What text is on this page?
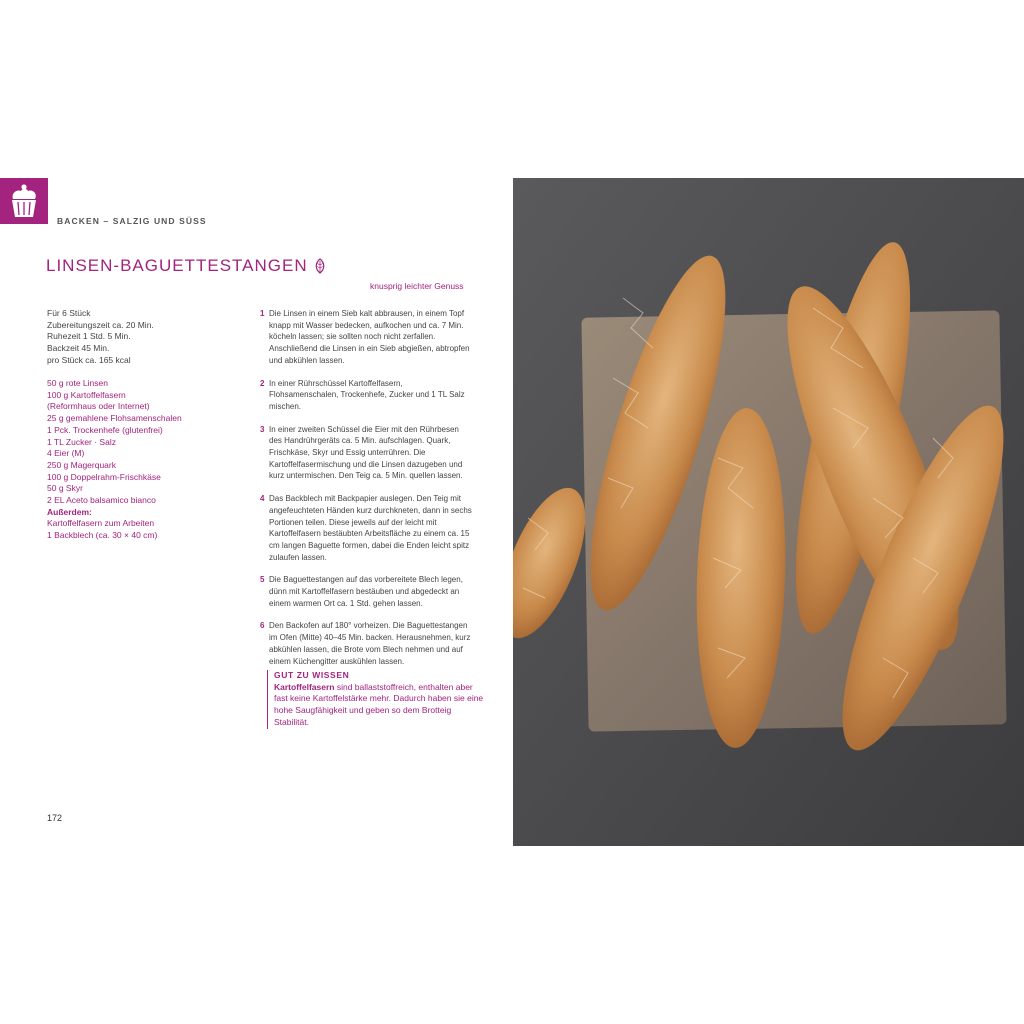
BACKEN – SALZIG UND SÜSS
LINSEN-BAGUETTESTANGEN
knusprig leichter Genuss
Für 6 Stück
Zubereitungszeit ca. 20 Min.
Ruhezeit 1 Std. 5 Min.
Backzeit 45 Min.
pro Stück ca. 165 kcal
50 g rote Linsen
100 g Kartoffelfasern
(Reformhaus oder Internet)
25 g gemahlene Flohsamenschalen
1 Pck. Trockenhefe (glutenfrei)
1 TL Zucker · Salz
4 Eier (M)
250 g Magerquark
100 g Doppelrahm-Frischkäse
50 g Skyr
2 EL Aceto balsamico bianco
Außerdem:
Kartoffelfasern zum Arbeiten
1 Backblech (ca. 30 × 40 cm)
1 Die Linsen in einem Sieb kalt abbrausen, in einem Topf knapp mit Wasser bedecken, aufkochen und ca. 7 Min. köcheln lassen; sie sollten noch nicht zerfallen. Anschließend die Linsen in ein Sieb abgießen, abtropfen und abkühlen lassen.
2 In einer Rührschüssel Kartoffelfasern, Flohsamenschalen, Trockenhefe, Zucker und 1 TL Salz mischen.
3 In einer zweiten Schüssel die Eier mit den Rührbesen des Handrührgeräts ca. 5 Min. aufschlagen. Quark, Frischkäse, Skyr und Essig unterrühren. Die Kartoffelfasermischung und die Linsen dazugeben und kurz untermischen. Den Teig ca. 5 Min. quellen lassen.
4 Das Backblech mit Backpapier auslegen. Den Teig mit angefeuchteten Händen kurz durchkneten, dann in sechs Portionen teilen. Diese jeweils auf der leicht mit Kartoffelfasern bestäubten Arbeitsfläche zu einem ca. 15 cm langen Baguette formen, dabei die Enden leicht spitz zulaufen lassen.
5 Die Baguettestangen auf das vorbereitete Blech legen, dünn mit Kartoffelfasern bestäuben und abgedeckt an einem warmen Ort ca. 1 Std. gehen lassen.
6 Den Backofen auf 180° vorheizen. Die Baguettestangen im Ofen (Mitte) 40–45 Min. backen. Herausnehmen, kurz abkühlen lassen, die Brote vom Blech nehmen und auf einem Küchengitter auskühlen lassen.
GUT ZU WISSEN
Kartoffelfasern sind ballaststoffreich, enthalten aber fast keine Kartoffelstärke mehr. Dadurch haben sie eine hohe Saugfähigkeit und geben so dem Brotteig Stabilität.
172
